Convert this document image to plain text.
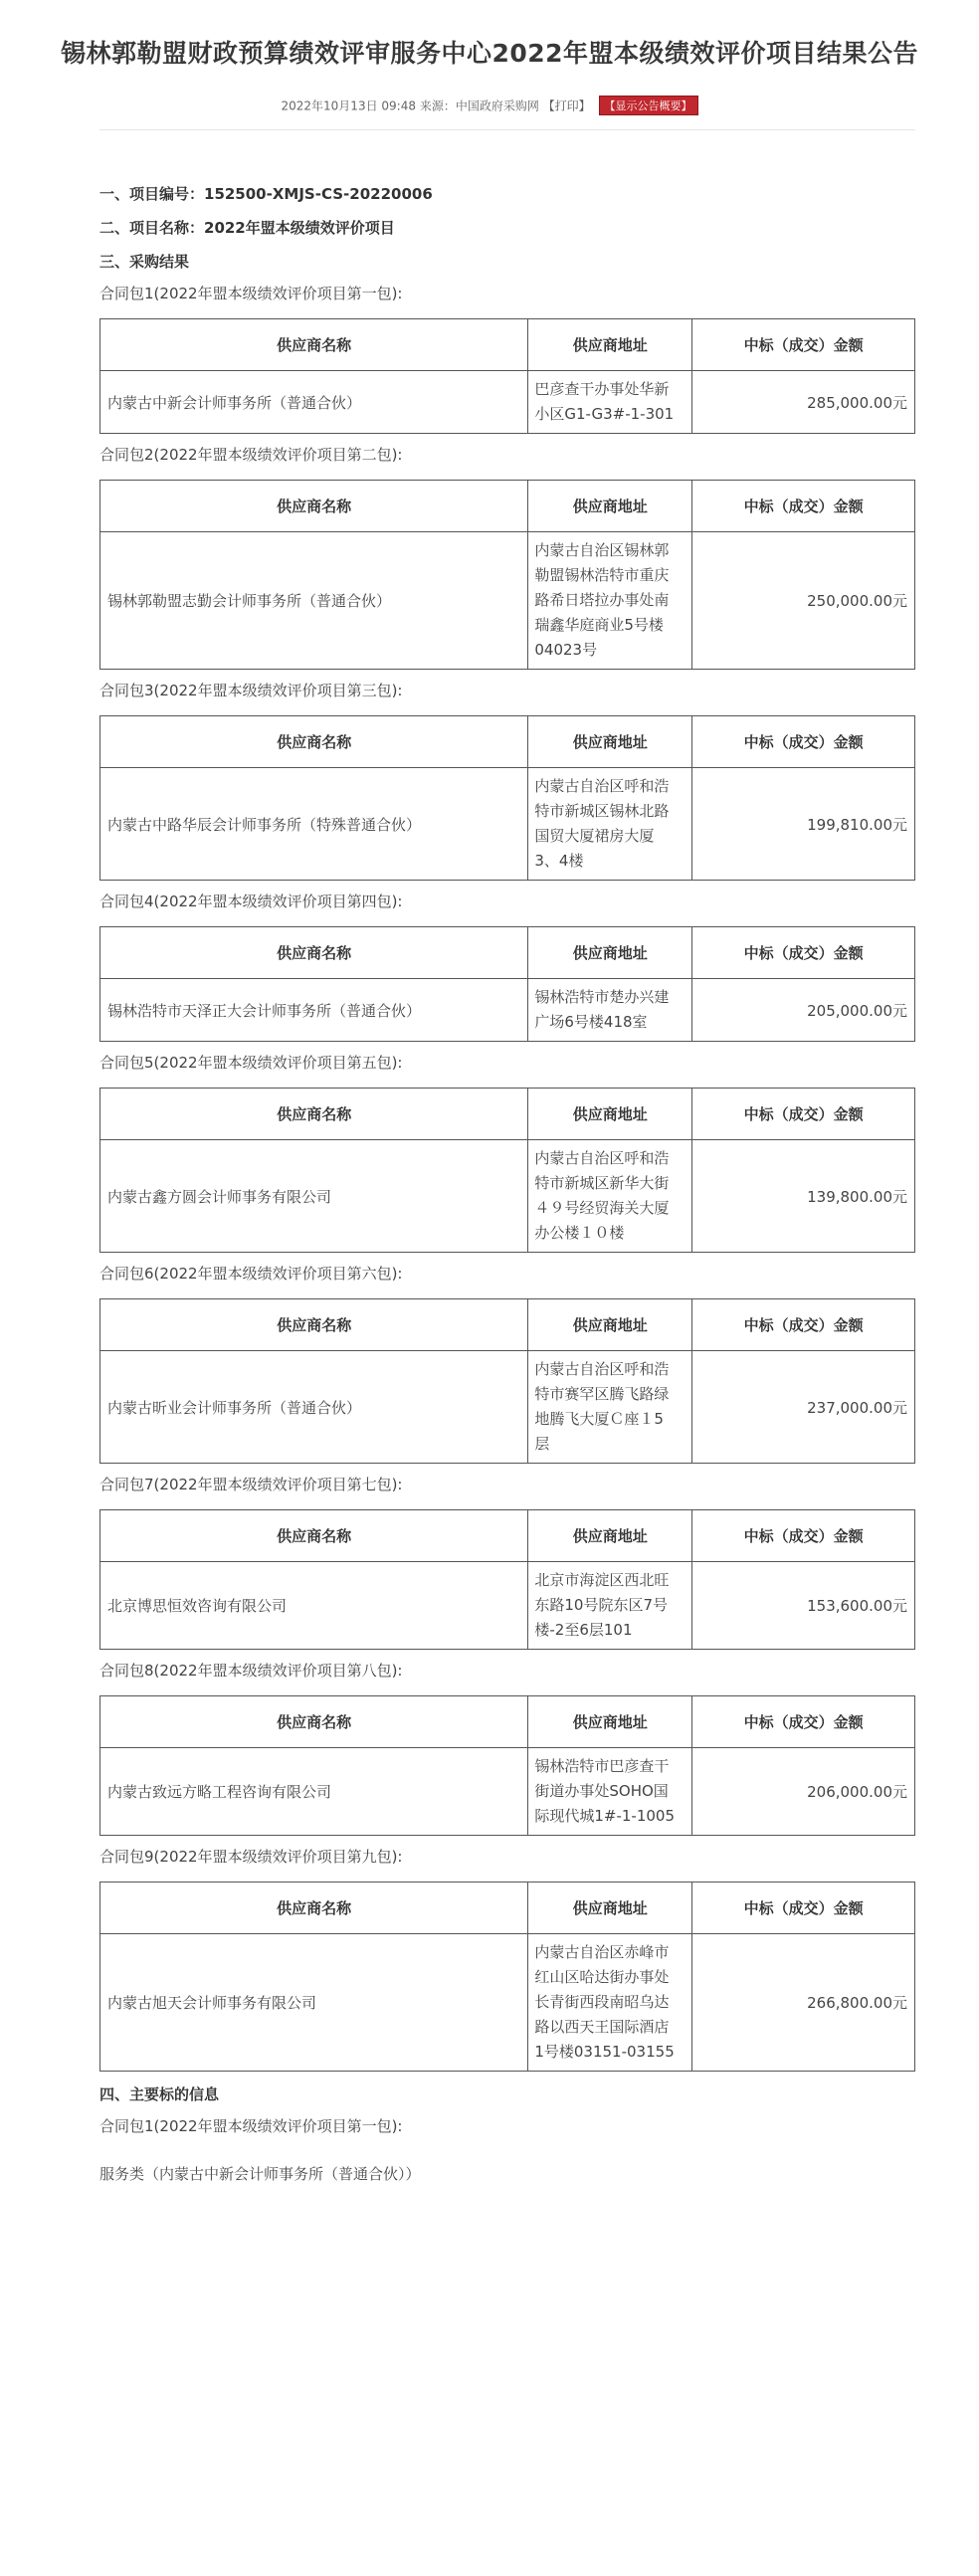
锡林郭勒盟财政预算绩效评审服务中心2022年盟本级绩效评价项目结果公告
2022年10月13日 09:48 来源：中国政府采购网 【打印】 【显示公告概要】
一、项目编号：152500-XMJS-CS-20220006
二、项目名称：2022年盟本级绩效评价项目
三、采购结果
合同包1(2022年盟本级绩效评价项目第一包):
供应商名称	供应商地址	中标（成交）金额
内蒙古中新会计师事务所（普通合伙）	巴彦查干办事处华新
小区G1-G3#-1-301	285,000.00元
合同包2(2022年盟本级绩效评价项目第二包):
供应商名称	供应商地址	中标（成交）金额
锡林郭勒盟志勤会计师事务所（普通合伙）	内蒙古自治区锡林郭
勒盟锡林浩特市重庆
路希日塔拉办事处南
瑞鑫华庭商业5号楼
04023号	250,000.00元
合同包3(2022年盟本级绩效评价项目第三包):
供应商名称	供应商地址	中标（成交）金额
内蒙古中路华辰会计师事务所（特殊普通合伙）	内蒙古自治区呼和浩
特市新城区锡林北路
国贸大厦裙房大厦
3、4楼	199,810.00元
合同包4(2022年盟本级绩效评价项目第四包):
供应商名称	供应商地址	中标（成交）金额
锡林浩特市天泽正大会计师事务所（普通合伙）	锡林浩特市楚办兴建
广场6号楼418室	205,000.00元
合同包5(2022年盟本级绩效评价项目第五包):
供应商名称	供应商地址	中标（成交）金额
内蒙古鑫方圆会计师事务有限公司	内蒙古自治区呼和浩
特市新城区新华大街
４９号经贸海关大厦
办公楼１０楼	139,800.00元
合同包6(2022年盟本级绩效评价项目第六包):
供应商名称	供应商地址	中标（成交）金额
内蒙古昕业会计师事务所（普通合伙）	内蒙古自治区呼和浩
特市赛罕区腾飞路绿
地腾飞大厦Ｃ座１5
层	237,000.00元
合同包7(2022年盟本级绩效评价项目第七包):
供应商名称	供应商地址	中标（成交）金额
北京博思恒效咨询有限公司	北京市海淀区西北旺
东路10号院东区7号
楼-2至6层101	153,600.00元
合同包8(2022年盟本级绩效评价项目第八包):
供应商名称	供应商地址	中标（成交）金额
内蒙古致远方略工程咨询有限公司	锡林浩特市巴彦查干
街道办事处SOHO国
际现代城1#-1-1005	206,000.00元
合同包9(2022年盟本级绩效评价项目第九包):
供应商名称	供应商地址	中标（成交）金额
内蒙古旭天会计师事务有限公司	内蒙古自治区赤峰市
红山区哈达街办事处
长青街西段南昭乌达
路以西天王国际酒店
1号楼03151-03155	266,800.00元
四、主要标的信息
合同包1(2022年盟本级绩效评价项目第一包):
服务类（内蒙古中新会计师事务所（普通合伙））
